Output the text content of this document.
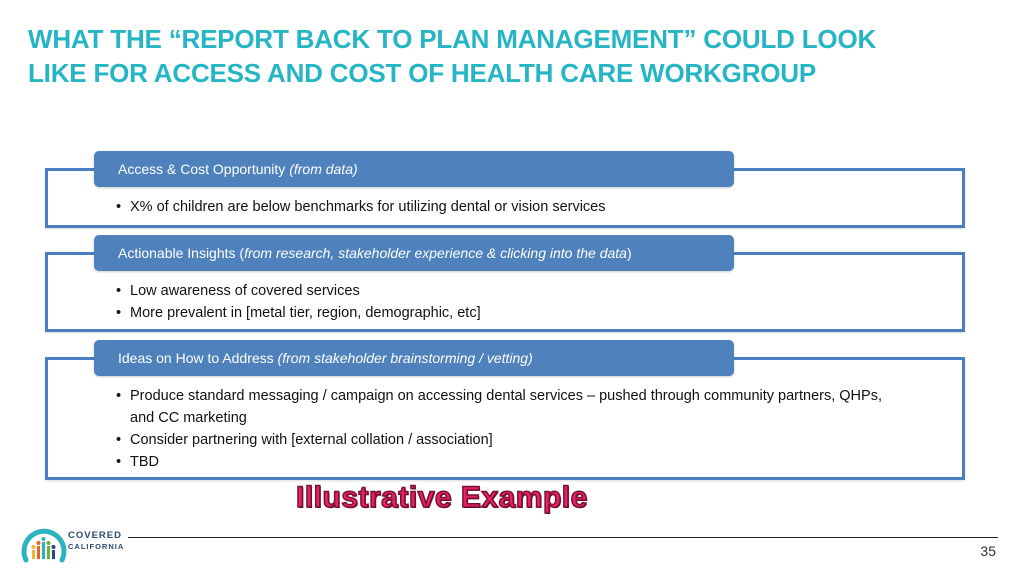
WHAT THE “REPORT BACK TO PLAN MANAGEMENT” COULD LOOK
LIKE FOR ACCESS AND COST OF HEALTH CARE WORKGROUP
Access & Cost Opportunity (from data)
• X% of children are below benchmarks for utilizing dental or vision services
Actionable Insights (from research, stakeholder experience & clicking into the data)
• Low awareness of covered services
• More prevalent in [metal tier, region, demographic, etc]
Ideas on How to Address (from stakeholder brainstorming / vetting)
• Produce standard messaging / campaign on accessing dental services – pushed through community partners, QHPs, and CC marketing
• Consider partnering with [external collation / association]
• TBD
Illustrative Example
COVERED
CALIFORNIA	35
